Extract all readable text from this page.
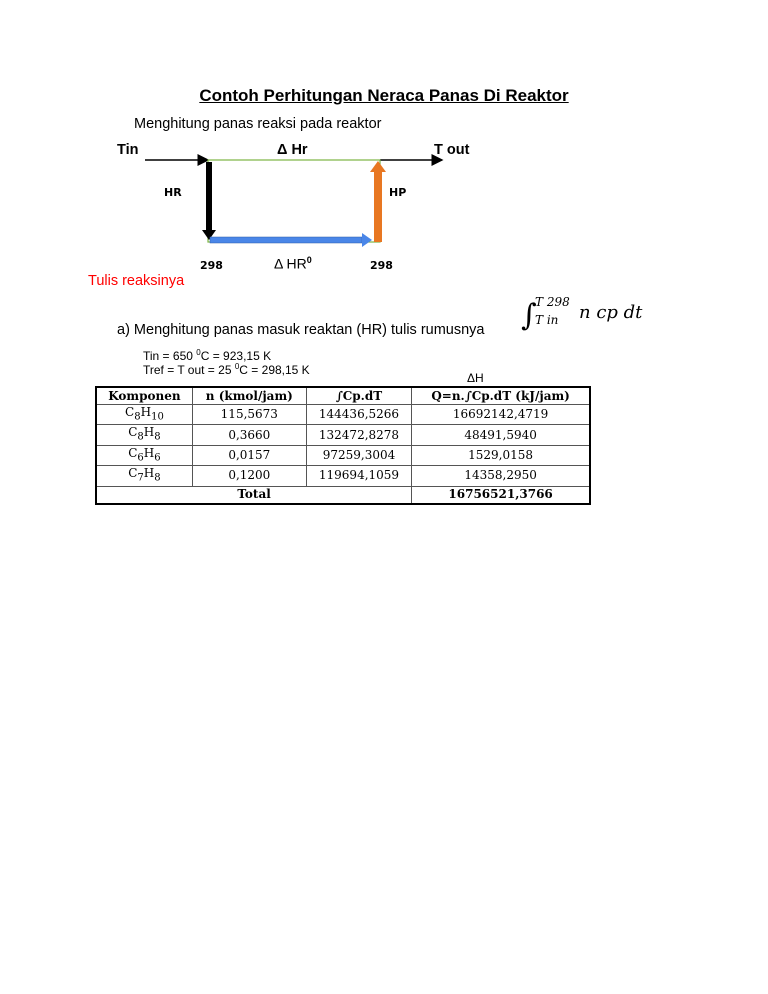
Contoh Perhitungan Neraca Panas Di Reaktor
Menghitung panas reaksi pada reaktor
Tin	Δ Hr	T out
HR	HP
298	Δ $HR^0$	298
Tulis reaksinya
a) Menghitung panas masuk reaktan (HR) tulis rumusnya ∫
T 298
T in n cp dt
Tin = 650 $^0$C = 923,15 K
Tref = T out = 25 $^0$C = 298,15 K
ΔH
Komponen	n (kmol/jam)	∫Cp.dT	Q=n.∫Cp.dT (kJ/jam)
$C_8H_{10}$	115,5673	144436,5266	16692142,4719
$C_8H_8$	0,3660	132472,8278	48491,5940
$C_6H_6$	0,0157	97259,3004	1529,0158
$C_7H_8$	0,1200	119694,1059	14358,2950
Total			16756521,3766
